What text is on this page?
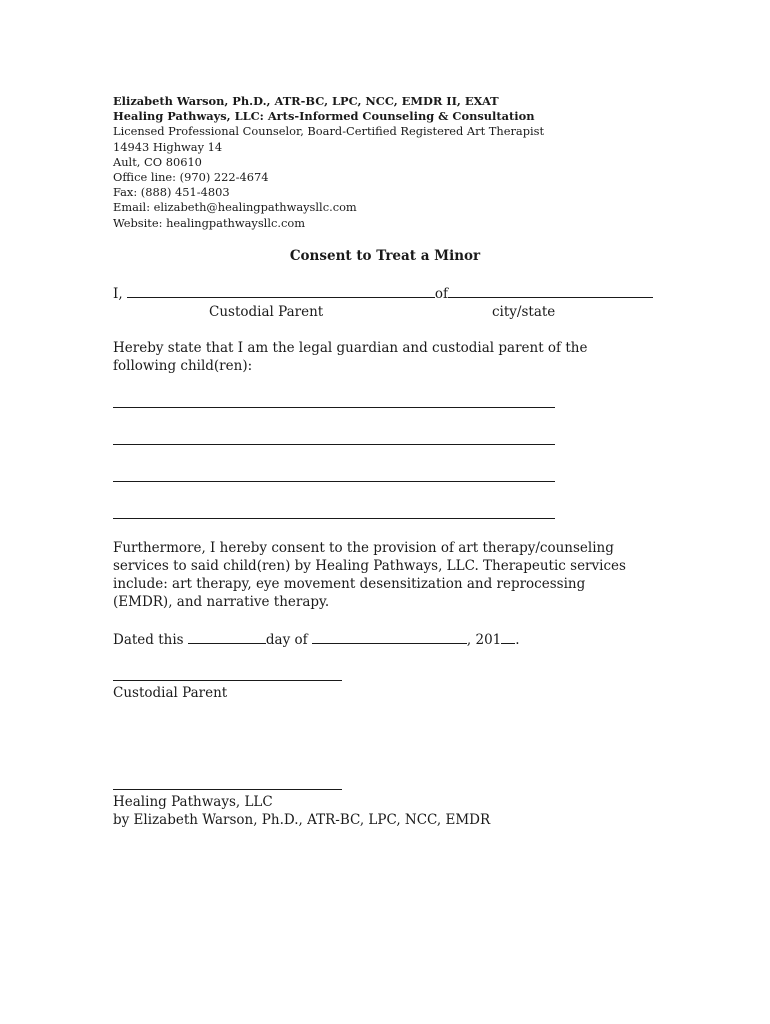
Elizabeth Warson, Ph.D., ATR-BC, LPC, NCC, EMDR II, EXAT
Healing Pathways, LLC: Arts-Informed Counseling & Consultation
Licensed Professional Counselor, Board-Certified Registered Art Therapist
14943 Highway 14
Ault, CO 80610
Office line: (970) 222-4674
Fax: (888) 451-4803
Email: elizabeth@healingpathwaysllc.com
Website: healingpathwaysllc.com
Consent to Treat a Minor
I,	of
Custodial Parent	city/state
Hereby state that I am the legal guardian and custodial parent of the following child(ren):
Furthermore, I hereby consent to the provision of art therapy/counseling services to said child(ren) by Healing Pathways, LLC. Therapeutic services include: art therapy, eye movement desensitization and reprocessing (EMDR), and narrative therapy.
Dated this	day of	, 201 .
Custodial Parent
Healing Pathways, LLC
by Elizabeth Warson, Ph.D., ATR-BC, LPC, NCC, EMDR
